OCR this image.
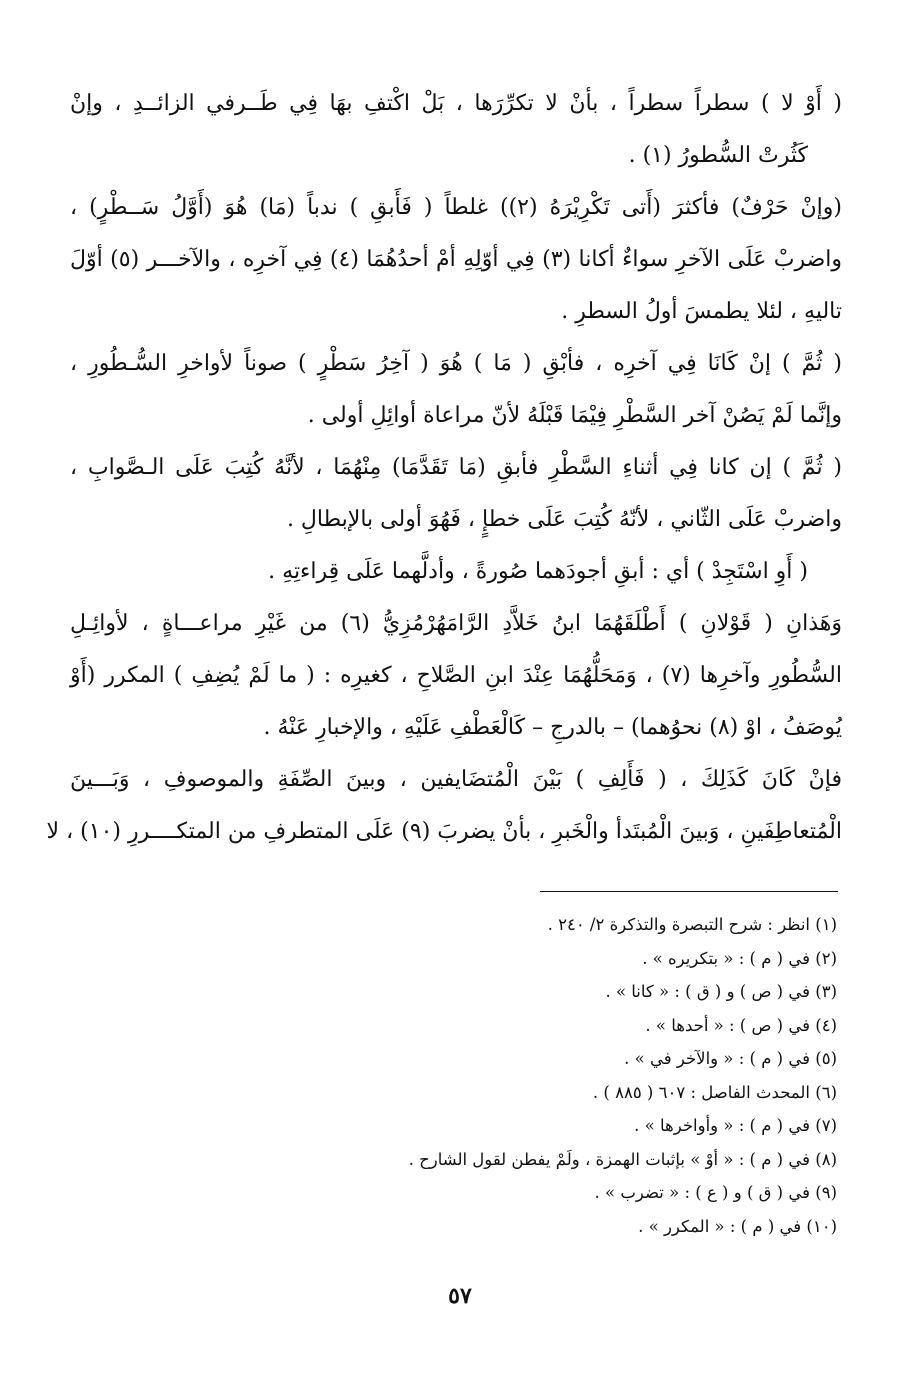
( أَوْ لا ) سطراً سطراً ، بأنْ لا تكرِّرَها ، بَلْ اكْتفِ بهَا فِي طَــرفي الزائــدِ ، وإنْ
كَثُرتْ السُّطورُ (١) .
(وإنْ حَرْفٌ) فأكثرَ (أَتى تَكْرِيْرَهُ (٢)) غلطاً ( فَأَبقِ ) ندباً (مَا) هُوَ (أَوَّلُ سَــطْرٍ) ،
واضربْ عَلَى الآخرِ سواءٌ أكانا (٣) فِي أوّلِهِ أمْ أحدُهُمَا (٤) فِي آخرِه ، والآخـــر (٥) أوّلَ
تاليهِ ، لئلا يطمسَ أولُ السطرِ .
( ثُمَّ ) إنْ كَانَا فِي آخرِه ، فأبْقِ ( مَا ) هُوَ ( آخِرُ سَطْرٍ ) صوناً لأواخرِ السُّـطُورِ ،
وإنَّما لَمْ يَصُنْ آخر السَّطْرِ فِيْمَا قَبْلَهُ لأنّ مراعاة أوائِلِ أولى .
( ثُمَّ ) إن كانا فِي أثناءِ السَّطْرِ فأبقِ (مَا تَقَدَّمَا) مِنْهُمَا ، لأنَّهُ كُتِبَ عَلَى الـصَّوابِ ،
واضربْ عَلَى الثّاني ، لأنّهُ كُتِبَ عَلَى خطإٍ ، فَهُوَ أولى بالإبطالِ .
( أَوِ اسْتَجِدْ ) أي : أبقِ أجودَهما صُورةً ، وأدلَّهما عَلَى قِراءتِهِ .
وَهَذانِ ( قَوْلانِ ) أَطْلَقَهُمَا ابنُ خَلاَّدِ الرَّامَهُرْمُزِيُّ (٦) من غَيْرِ مراعـــاةٍ ، لأوائِـلِ
السُّطُورِ وآخرِها (٧) ، وَمَحَلُّهُمَا عِنْدَ ابنِ الصَّلاحِ ، كغيرِه : ( ما لَمْ يُضِفِ ) المكرر (أَوْ
يُوصَفُ ، اوْ (٨) نحوُهما) – بالدرجِ – كَالْعَطْفِ عَلَيْهِ ، والإخبارِ عَنْهُ .
فإنْ كَانَ كَذَلِكَ ، ( فَأَلِفِ ) بَيْنَ الْمُتضَايفين ، وبينَ الصِّفَةِ والموصوفِ ، وَبَـــينَ
الْمُتعاطِفَينِ ، وَبينَ الْمُبتَدأ والْخَبرِ ، بأنْ يضربَ (٩) عَلَى المتطرفِ من المتكــــررِ (١٠) ، لا
(١) انظر : شرح التبصرة والتذكرة ٢/ ٢٤٠ .
(٢) في ( م ) : « بتكريره » .
(٣) في ( ص ) و ( ق ) : « كانا » .
(٤) في ( ص ) : « أحدها » .
(٥) في ( م ) : « والآخر في » .
(٦) المحدث الفاصل : ٦٠٧ ( ٨٨٥ ) .
(٧) في ( م ) : « وأواخرها » .
(٨) في ( م ) : « أوْ » بإثبات الهمزة ، ولَمْ يفطن لقول الشارح .
(٩) في ( ق ) و ( ع ) : « تضرب » .
(١٠) في ( م ) : « المكرر » .
٥٧
